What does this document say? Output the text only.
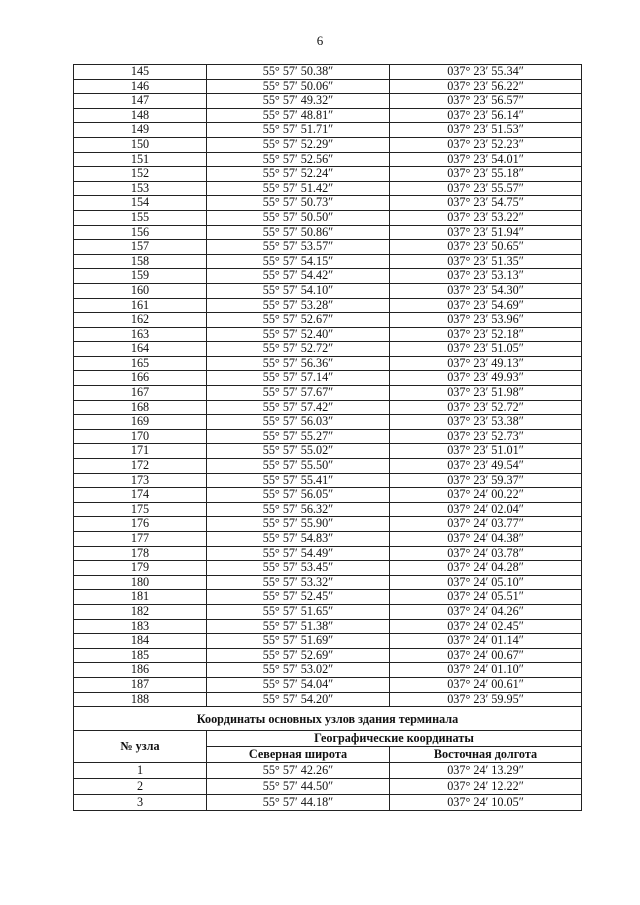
6
145	55° 57′ 50.38″	037° 23′ 55.34″
146	55° 57′ 50.06″	037° 23′ 56.22″
147	55° 57′ 49.32″	037° 23′ 56.57″
148	55° 57′ 48.81″	037° 23′ 56.14″
149	55° 57′ 51.71″	037° 23′ 51.53″
150	55° 57′ 52.29″	037° 23′ 52.23″
151	55° 57′ 52.56″	037° 23′ 54.01″
152	55° 57′ 52.24″	037° 23′ 55.18″
153	55° 57′ 51.42″	037° 23′ 55.57″
154	55° 57′ 50.73″	037° 23′ 54.75″
155	55° 57′ 50.50″	037° 23′ 53.22″
156	55° 57′ 50.86″	037° 23′ 51.94″
157	55° 57′ 53.57″	037° 23′ 50.65″
158	55° 57′ 54.15″	037° 23′ 51.35″
159	55° 57′ 54.42″	037° 23′ 53.13″
160	55° 57′ 54.10″	037° 23′ 54.30″
161	55° 57′ 53.28″	037° 23′ 54.69″
162	55° 57′ 52.67″	037° 23′ 53.96″
163	55° 57′ 52.40″	037° 23′ 52.18″
164	55° 57′ 52.72″	037° 23′ 51.05″
165	55° 57′ 56.36″	037° 23′ 49.13″
166	55° 57′ 57.14″	037° 23′ 49.93″
167	55° 57′ 57.67″	037° 23′ 51.98″
168	55° 57′ 57.42″	037° 23′ 52.72″
169	55° 57′ 56.03″	037° 23′ 53.38″
170	55° 57′ 55.27″	037° 23′ 52.73″
171	55° 57′ 55.02″	037° 23′ 51.01″
172	55° 57′ 55.50″	037° 23′ 49.54″
173	55° 57′ 55.41″	037° 23′ 59.37″
174	55° 57′ 56.05″	037° 24′ 00.22″
175	55° 57′ 56.32″	037° 24′ 02.04″
176	55° 57′ 55.90″	037° 24′ 03.77″
177	55° 57′ 54.83″	037° 24′ 04.38″
178	55° 57′ 54.49″	037° 24′ 03.78″
179	55° 57′ 53.45″	037° 24′ 04.28″
180	55° 57′ 53.32″	037° 24′ 05.10″
181	55° 57′ 52.45″	037° 24′ 05.51″
182	55° 57′ 51.65″	037° 24′ 04.26″
183	55° 57′ 51.38″	037° 24′ 02.45″
184	55° 57′ 51.69″	037° 24′ 01.14″
185	55° 57′ 52.69″	037° 24′ 00.67″
186	55° 57′ 53.02″	037° 24′ 01.10″
187	55° 57′ 54.04″	037° 24′ 00.61″
188	55° 57′ 54.20″	037° 23′ 59.95″
Координаты основных узлов здания терминала		
№ узла	Географические координаты	
	Северная широта	Восточная долгота
1	55° 57′ 42.26″	037° 24′ 13.29″
2	55° 57′ 44.50″	037° 24′ 12.22″
3	55° 57′ 44.18″	037° 24′ 10.05″
